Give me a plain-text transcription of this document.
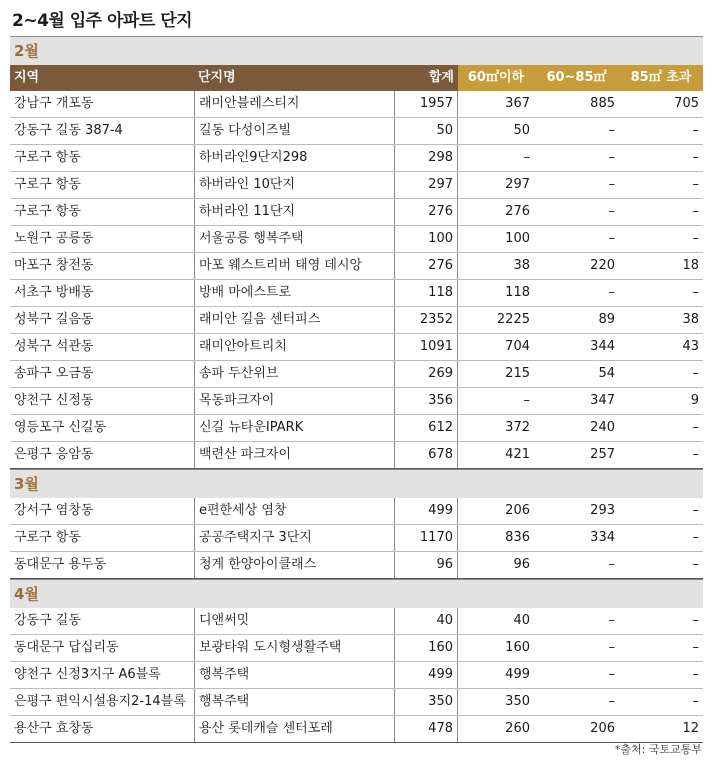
2~4월 입주 아파트 단지
2월
지역	단지명	합계	60㎡이하	60~85㎡	85㎡ 초과
강남구 개포동	래미안블레스티지	1957	367	885	705
강동구 길동 387-4	길동 다성이즈빌	50	50	–	–
구로구 항동	하버라인9단지298	298	–	–	–
구로구 항동	하버라인 10단지	297	297	–	–
구로구 항동	하버라인 11단지	276	276	–	–
노원구 공릉동	서울공릉 행복주택	100	100	–	–
마포구 창전동	마포 웨스트리버 태영 데시앙	276	38	220	18
서초구 방배동	방배 마에스트로	118	118	–	–
성북구 길음동	래미안 길음 센터피스	2352	2225	89	38
성북구 석관동	래미안아트리치	1091	704	344	43
송파구 오금동	송파 두산위브	269	215	54	–
양천구 신정동	목동파크자이	356	–	347	9
영등포구 신길동	신길 뉴타운IPARK	612	372	240	–
은평구 응암동	백련산 파크자이	678	421	257	–
3월
강서구 염창동	e편한세상 염창	499	206	293	–
구로구 항동	공공주택지구 3단지	1170	836	334	–
동대문구 용두동	청계 한양아이클래스	96	96	–	–
4월
강동구 길동	디앤써밋	40	40	–	–
동대문구 답십리동	보광타워 도시형생활주택	160	160	–	–
양천구 신정3지구 A6블록	행복주택	499	499	–	–
은평구 편익시설용지2-14블록	행복주택	350	350	–	–
용산구 효창동	용산 롯데캐슬 센터포레	478	260	206	12
*출처: 국토교통부
